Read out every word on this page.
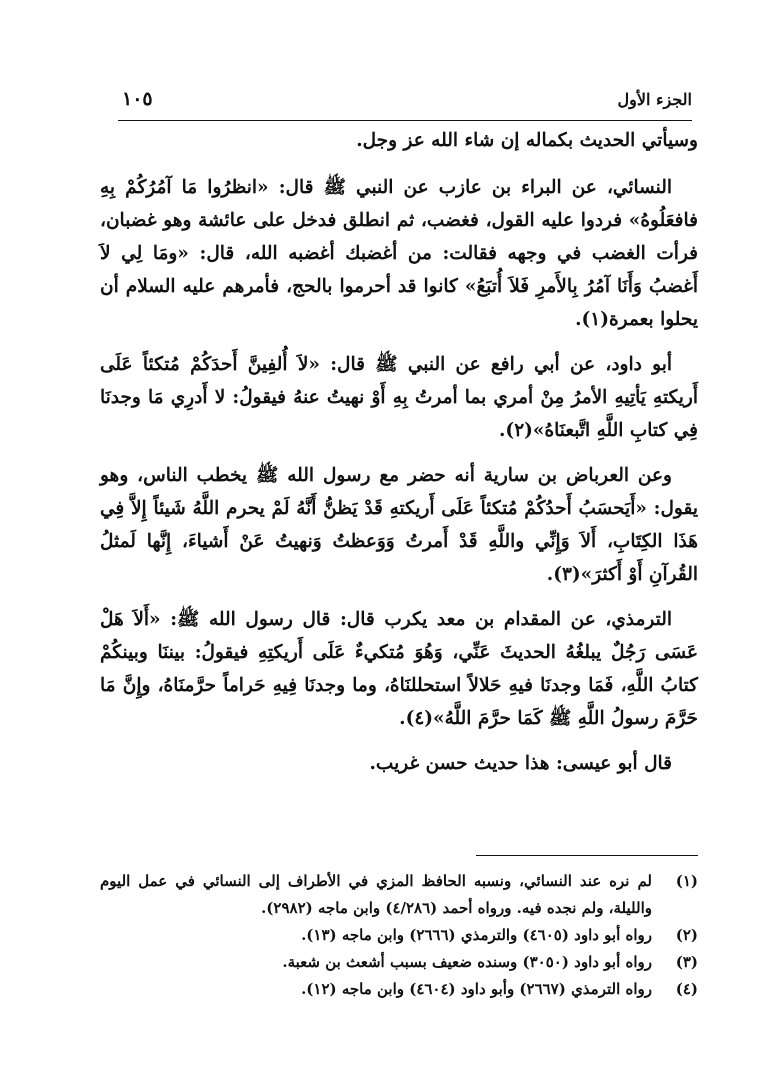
الجزء الأول
١٠٥

وسيأتي الحديث بكماله إن شاء الله عز وجل.

النسائي، عن البراء بن عازب عن النبي ﷺ قال: «انظرُوا مَا آمُرُكُمْ بِهِ فافعَلُوهُ» فردوا عليه القول، فغضب، ثم انطلق فدخل على عائشة وهو غضبان، فرأت الغضب في وجهه فقالت: من أغضبك أغضبه الله، قال: «ومَا لِي لاَ أَغضبُ وَأَنَا آمُرُ بِالأَمرِ فَلاَ أُتبَعُ» كانوا قد أحرموا بالحج، فأمرهم عليه السلام أن يحلوا بعمرة(١).

أبو داود، عن أبي رافع عن النبي ﷺ قال: «لاَ أُلفِينَّ أَحدَكُمْ مُتكئاً عَلَى أَريكتهِ يَأتِيهِ الأمرُ مِنْ أمري بما أمرتُ بِهِ أَوْ نهيتُ عنهُ فيقولُ: لا أَدرِي مَا وجدنَا فِي كتابِ اللَّهِ اتَّبعنَاهُ»(٢).

وعن العرباض بن سارية أنه حضر مع رسول الله ﷺ يخطب الناس، وهو يقول: «أَيَحسَبُ أَحدُكُمْ مُتكئاً عَلَى أَريكتهِ قَدْ يَظنُّ أَنَّهُ لَمْ يحرم اللَّهُ شَيئاً إِلاَّ فِي هَذَا الكِتَابِ، أَلاَ وَإِنِّي واللَّهِ قَدْ أَمرتُ وَوَعظتُ وَنهيتُ عَنْ أَشياءَ، إِنَّها لَمثلُ القُرآنِ أَوْ أَكثرَ»(٣).

الترمذي، عن المقدام بن معد يكرب قال: قال رسول الله ﷺ: «أَلاَ هَلْ عَسَى رَجُلٌ يبلغُهُ الحديثَ عَنِّي، وَهُوَ مُتكيءٌ عَلَى أَريكتِهِ فيقولُ: بيننَا وبينكُمْ كتابُ اللَّهِ، فَمَا وجدنَا فيهِ حَلالاً استحللنَاهُ، وما وجدنَا فِيهِ حَراماً حرَّمنَاهُ، وإِنَّ مَا حَرَّمَ رسولُ اللَّهِ ﷺ كَمَا حرَّمَ اللَّهُ»(٤).

قال أبو عيسى: هذا حديث حسن غريب.

(١)
لم نره عند النسائي، ونسبه الحافظ المزي في الأطراف إلى النسائي في عمل اليوم والليلة، ولم نجده فيه. ورواه أحمد (٤/٢٨٦) وابن ماجه (٢٩٨٢).
(٢)
رواه أبو داود (٤٦٠٥) والترمذي (٢٦٦٦) وابن ماجه (١٣).
(٣)
رواه أبو داود (٣٠٥٠) وسنده ضعيف بسبب أشعث بن شعبة.
(٤)
رواه الترمذي (٢٦٦٧) وأبو داود (٤٦٠٤) وابن ماجه (١٢).
